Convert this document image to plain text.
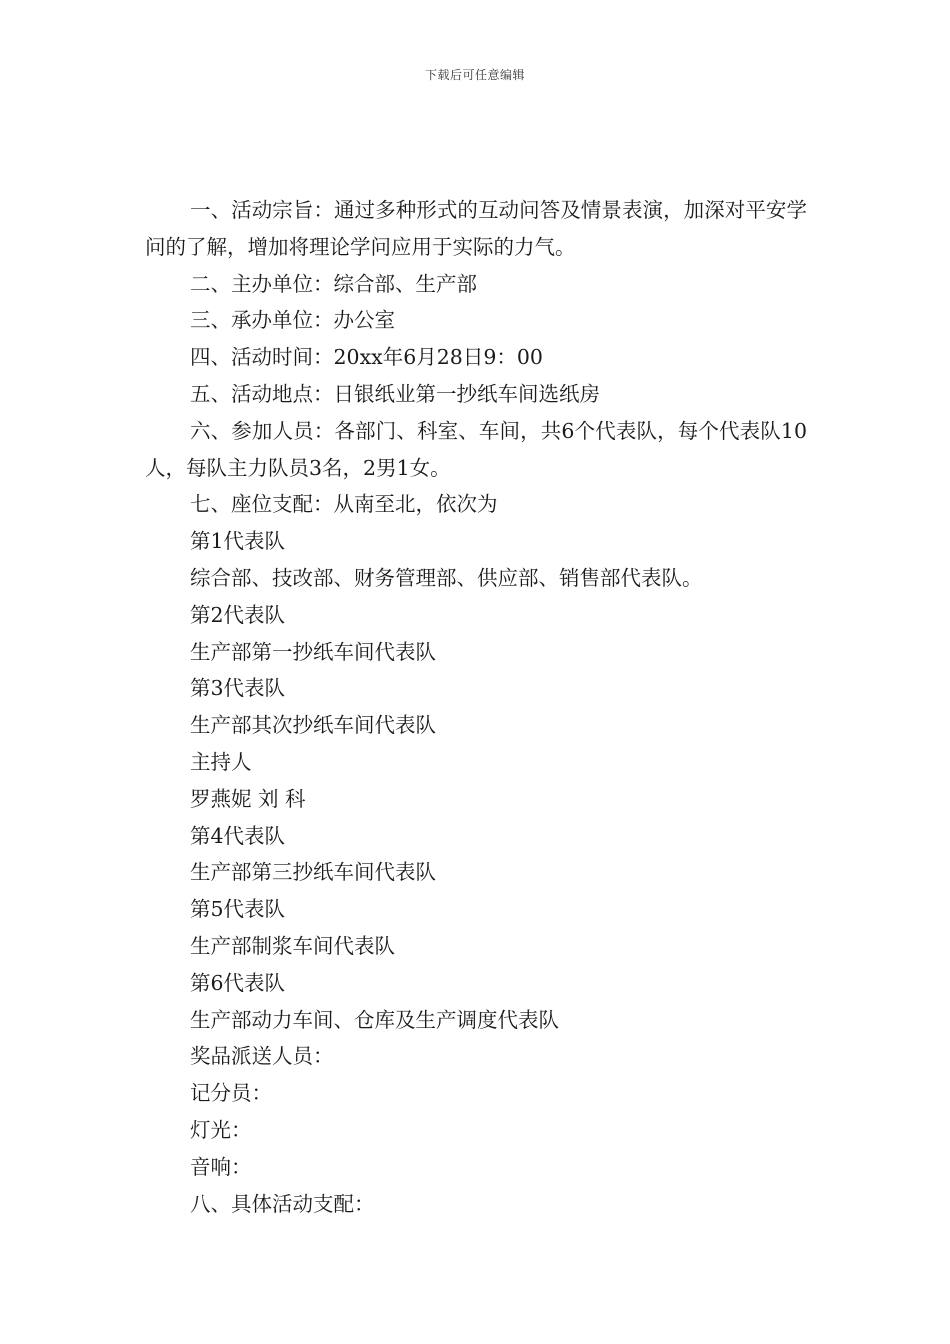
下载后可任意编辑

一、活动宗旨：通过多种形式的互动问答及情景表演，加深对平安学问的了解，增加将理论学问应用于实际的力气。

二、主办单位：综合部、生产部

三、承办单位：办公室

四、活动时间：20xx年6月28日9：00

五、活动地点：日银纸业第一抄纸车间选纸房

六、参加人员：各部门、科室、车间，共6个代表队，每个代表队10人，每队主力队员3名，2男1女。

七、座位支配：从南至北，依次为

第1代表队

综合部、技改部、财务管理部、供应部、销售部代表队。

第2代表队

生产部第一抄纸车间代表队

第3代表队

生产部其次抄纸车间代表队

主持人

罗燕妮 刘 科

第4代表队

生产部第三抄纸车间代表队

第5代表队

生产部制浆车间代表队

第6代表队

生产部动力车间、仓库及生产调度代表队

奖品派送人员：

记分员：

灯光：

音响：

八、具体活动支配：
